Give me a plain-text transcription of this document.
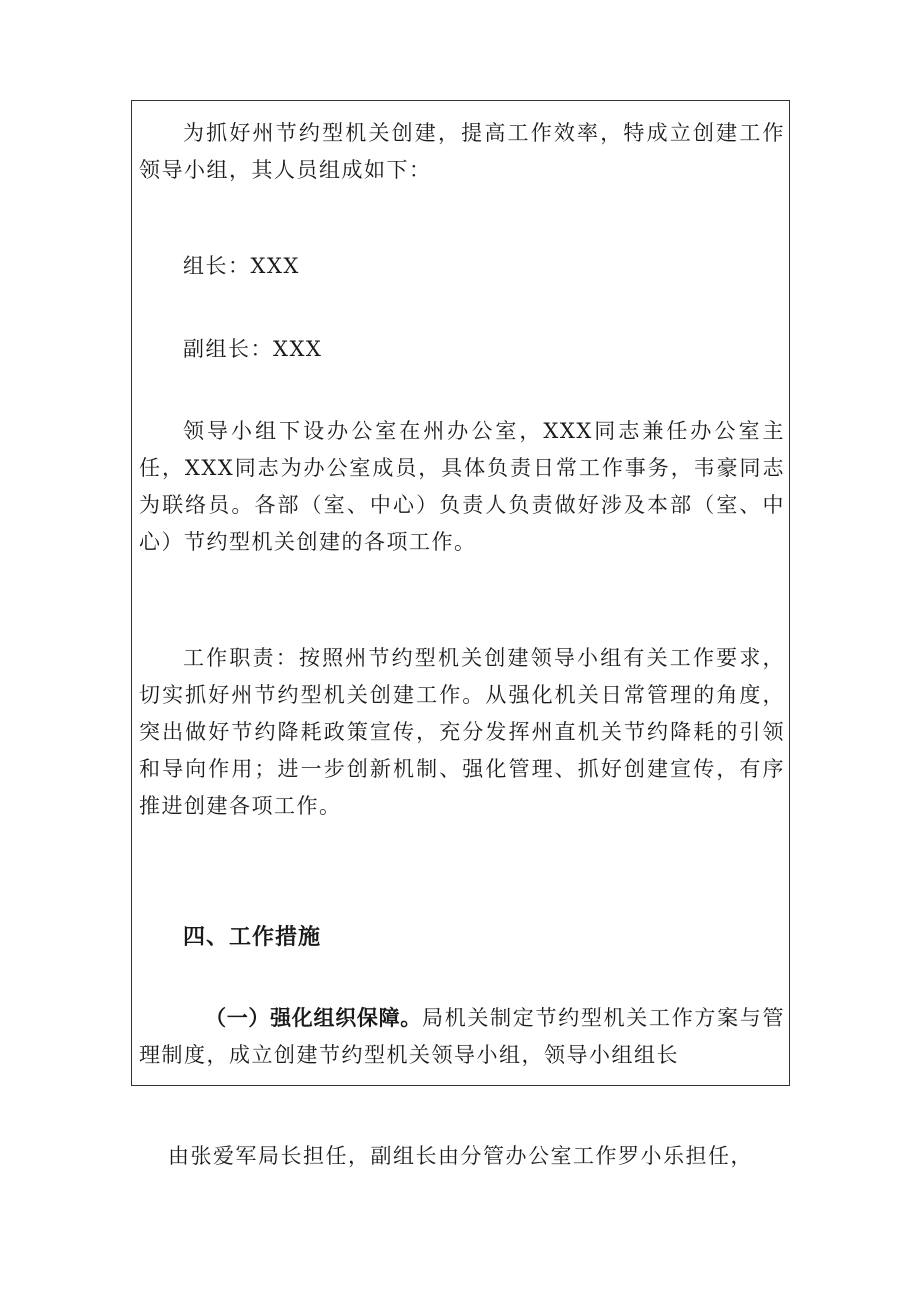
为抓好州节约型机关创建，提高工作效率，特成立创建工作领导小组，其人员组成如下：

组长：XXX

副组长：XXX

领导小组下设办公室在州办公室，XXX同志兼任办公室主任，XXX同志为办公室成员，具体负责日常工作事务，韦豪同志为联络员。各部（室、中心）负责人负责做好涉及本部（室、中心）节约型机关创建的各项工作。

工作职责：按照州节约型机关创建领导小组有关工作要求，切实抓好州节约型机关创建工作。从强化机关日常管理的角度，突出做好节约降耗政策宣传，充分发挥州直机关节约降耗的引领和导向作用；进一步创新机制、强化管理、抓好创建宣传，有序推进创建各项工作。

四、工作措施

（一）强化组织保障。局机关制定节约型机关工作方案与管理制度，成立创建节约型机关领导小组，领导小组组长

由张爱军局长担任，副组长由分管办公室工作罗小乐担任，
